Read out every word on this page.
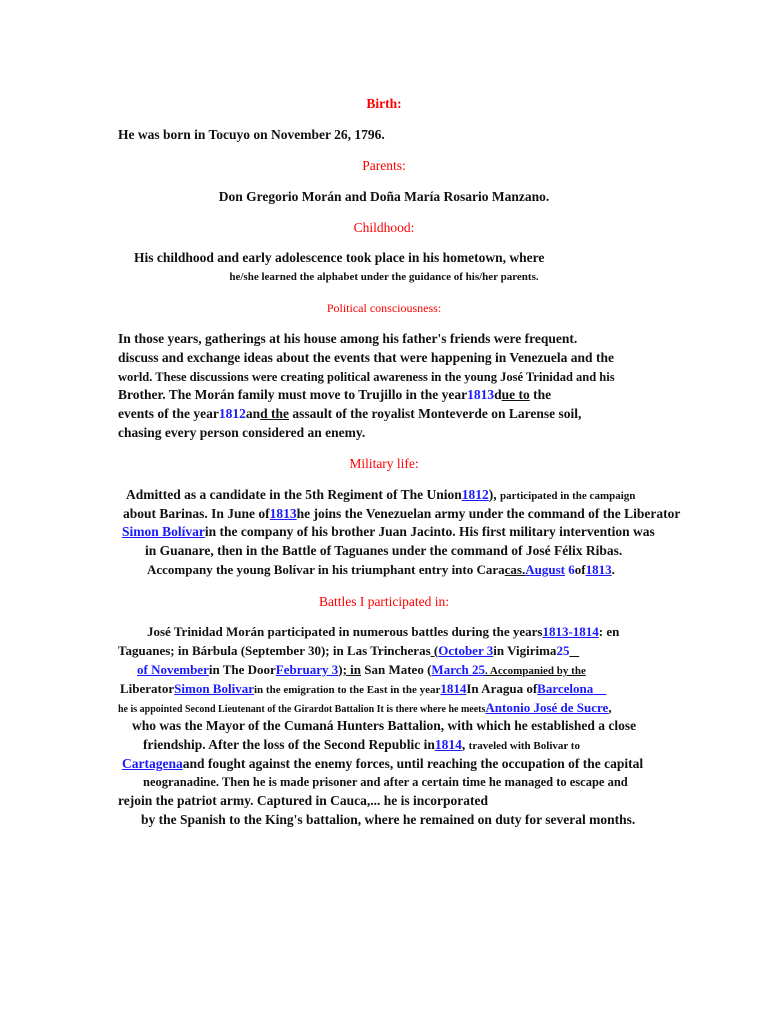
Birth:
He was born in Tocuyo on November 26, 1796.
Parents:
Don Gregorio Morán and Doña María Rosario Manzano.
Childhood:
His childhood and early adolescence took place in his hometown, where
he/she learned the alphabet under the guidance of his/her parents.
Political consciousness:
In those years, gatherings at his house among his father's friends were frequent.
discuss and exchange ideas about the events that were happening in Venezuela and the
world. These discussions were creating political awareness in the young José Trinidad and his
Brother. The Morán family must move to Trujillo in the year1813due to the
events of the year1812and the assault of the royalist Monteverde on Larense soil,
chasing every person considered an enemy.
Military life:
Admitted as a candidate in the 5th Regiment of The Union1812), participated in the campaign
about Barinas. In June of1813he joins the Venezuelan army under the command of the Liberator
Simon Bolívarin the company of his brother Juan Jacinto. His first military intervention was
in Guanare, then in the Battle of Taguanes under the command of José Félix Ribas.
Accompany the young Bolívar in his triumphant entry into Caracas.August 6of1813.
Battles I participated in:
José Trinidad Morán participated in numerous battles during the years1813-1814: en
Taguanes; in Bárbula (September 30); in Las Trincheras (October 3in Vigirima25
of Novemberin The DoorFebruary 3); in San Mateo (March 25. Accompanied by the
LiberatorSimon Bolivarin the emigration to the East in the year1814In Aragua ofBarcelona
he is appointed Second Lieutenant of the Girardot Battalion It is there where he meetsAntonio José de Sucre,
who was the Mayor of the Cumaná Hunters Battalion, with which he established a close
friendship. After the loss of the Second Republic in1814, traveled with Bolivar to
Cartagenaand fought against the enemy forces, until reaching the occupation of the capital
neogranadine. Then he is made prisoner and after a certain time he managed to escape and
rejoin the patriot army. Captured in Cauca,... he is incorporated
by the Spanish to the King's battalion, where he remained on duty for several months.
